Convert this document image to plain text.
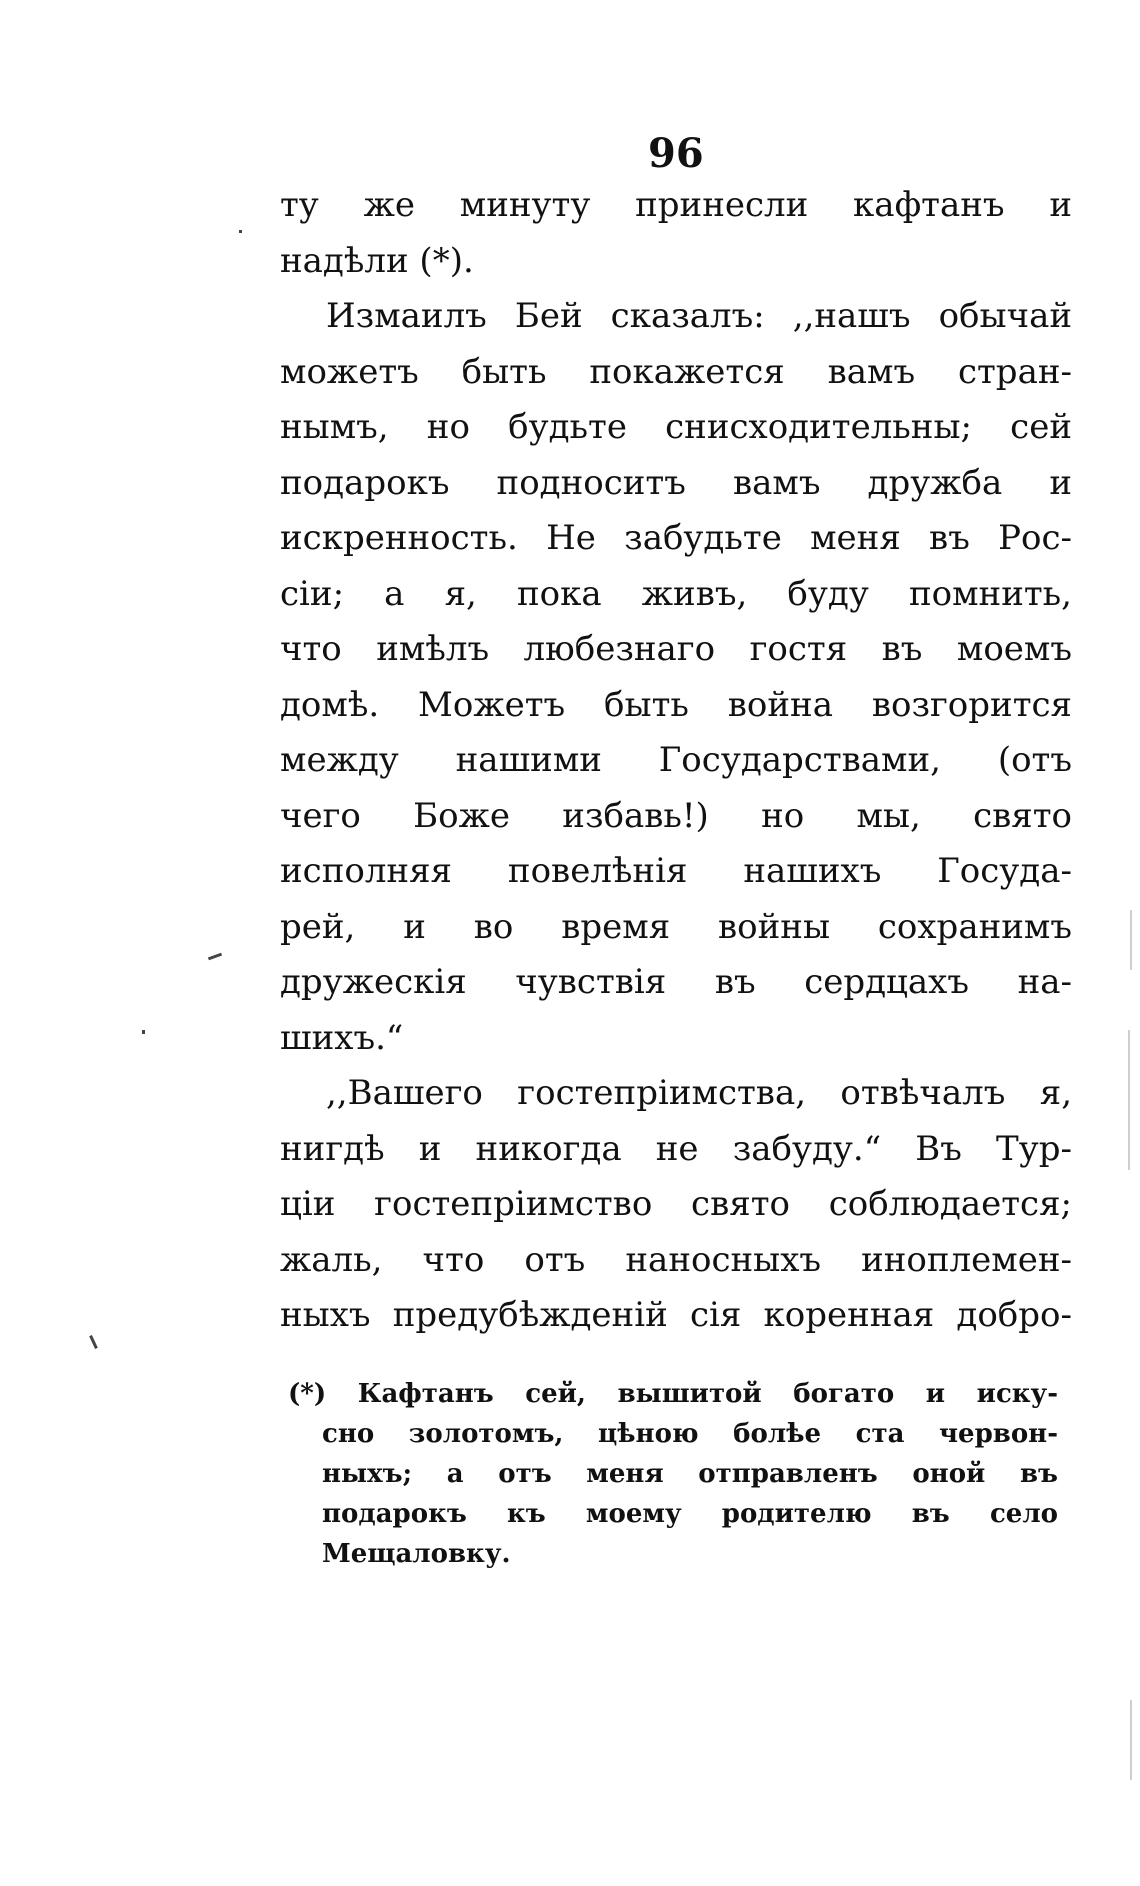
96
ту же минуту принесли кафтанъ и
надѣли (*).
Измаилъ Бей сказалъ: ,,нашъ обычай
можетъ быть покажется вамъ стран-
нымъ, но будьте снисходительны; сей
подарокъ подноситъ вамъ дружба и
искренность. Не забудьте меня въ Рос-
сіи; а я, пока живъ, буду помнить,
что имѣлъ любезнаго гостя въ моемъ
домѣ. Можетъ быть война возгорится
между нашими Государствами, (отъ
чего Боже избавь!) но мы, свято
исполняя повелѣнія нашихъ Госуда-
рей, и во время войны сохранимъ
дружескія чувствія въ сердцахъ на-
шихъ.“
,,Вашего гостепріимства, отвѣчалъ я,
нигдѣ и никогда не забуду.“ Въ Тур-
ціи гостепріимство свято соблюдается;
жаль, что отъ наносныхъ иноплемен-
ныхъ предубѣжденій сія коренная добро-
(*) Кафтанъ сей, вышитой богато и иску-
сно золотомъ, цѣною болѣе ста червон-
ныхъ; а отъ меня отправленъ оной въ
подарокъ къ моему родителю въ село
Мещаловку.
